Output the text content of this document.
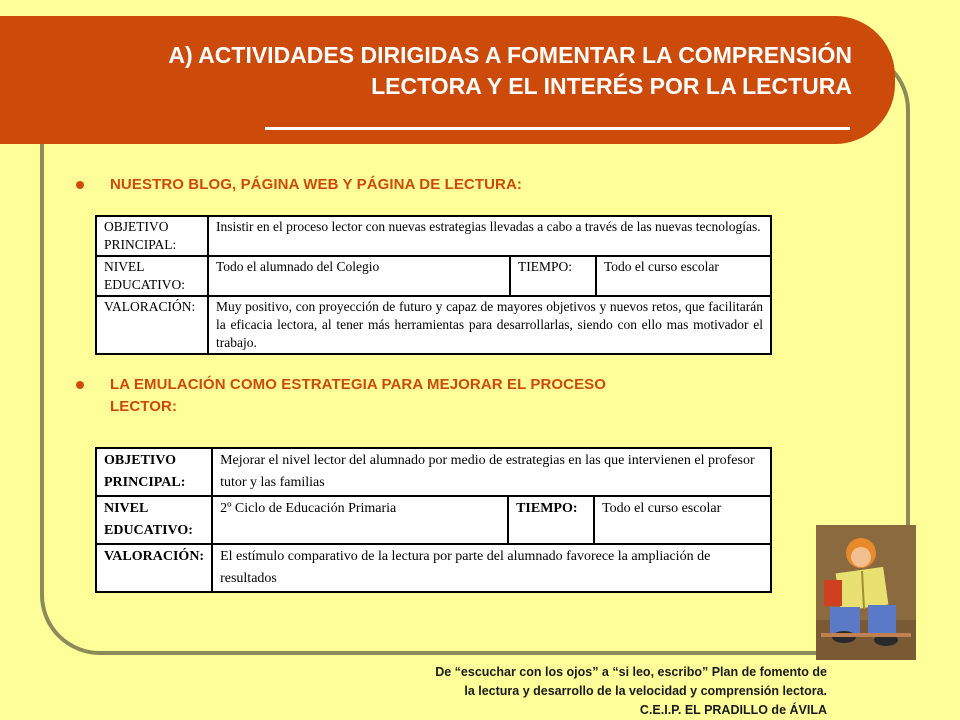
A) ACTIVIDADES DIRIGIDAS A FOMENTAR LA COMPRENSIÓN
LECTORA Y EL INTERÉS POR LA LECTURA

NUESTRO BLOG, PÁGINA WEB Y PÁGINA DE LECTURA:

OBJETIVO PRINCIPAL:	Insistir en el proceso lector con nuevas estrategias llevadas a cabo a través de las nuevas tecnologías.		
NIVEL EDUCATIVO:	Todo el alumnado del Colegio	TIEMPO:	Todo el curso escolar
VALORACIÓN:	Muy positivo, con proyección de futuro y capaz de mayores objetivos y nuevos retos, que facilitarán la eficacia lectora, al tener más herramientas para desarrollarlas, siendo con ello mas motivador el trabajo.		

LA EMULACIÓN COMO ESTRATEGIA PARA MEJORAR EL PROCESO
LECTOR:

OBJETIVO PRINCIPAL:	Mejorar el nivel lector del alumnado por medio de estrategias en las que intervienen el profesor tutor y las familias		
NIVEL EDUCATIVO:	2º Ciclo de Educación Primaria	TIEMPO:	Todo el curso escolar
VALORACIÓN:	El estímulo comparativo de la lectura por parte del alumnado favorece la ampliación de resultados		

De “escuchar con los ojos” a “si leo, escribo” Plan de fomento de
la lectura y desarrollo de la velocidad y comprensión lectora.
C.E.I.P. EL PRADILLO de ÁVILA
